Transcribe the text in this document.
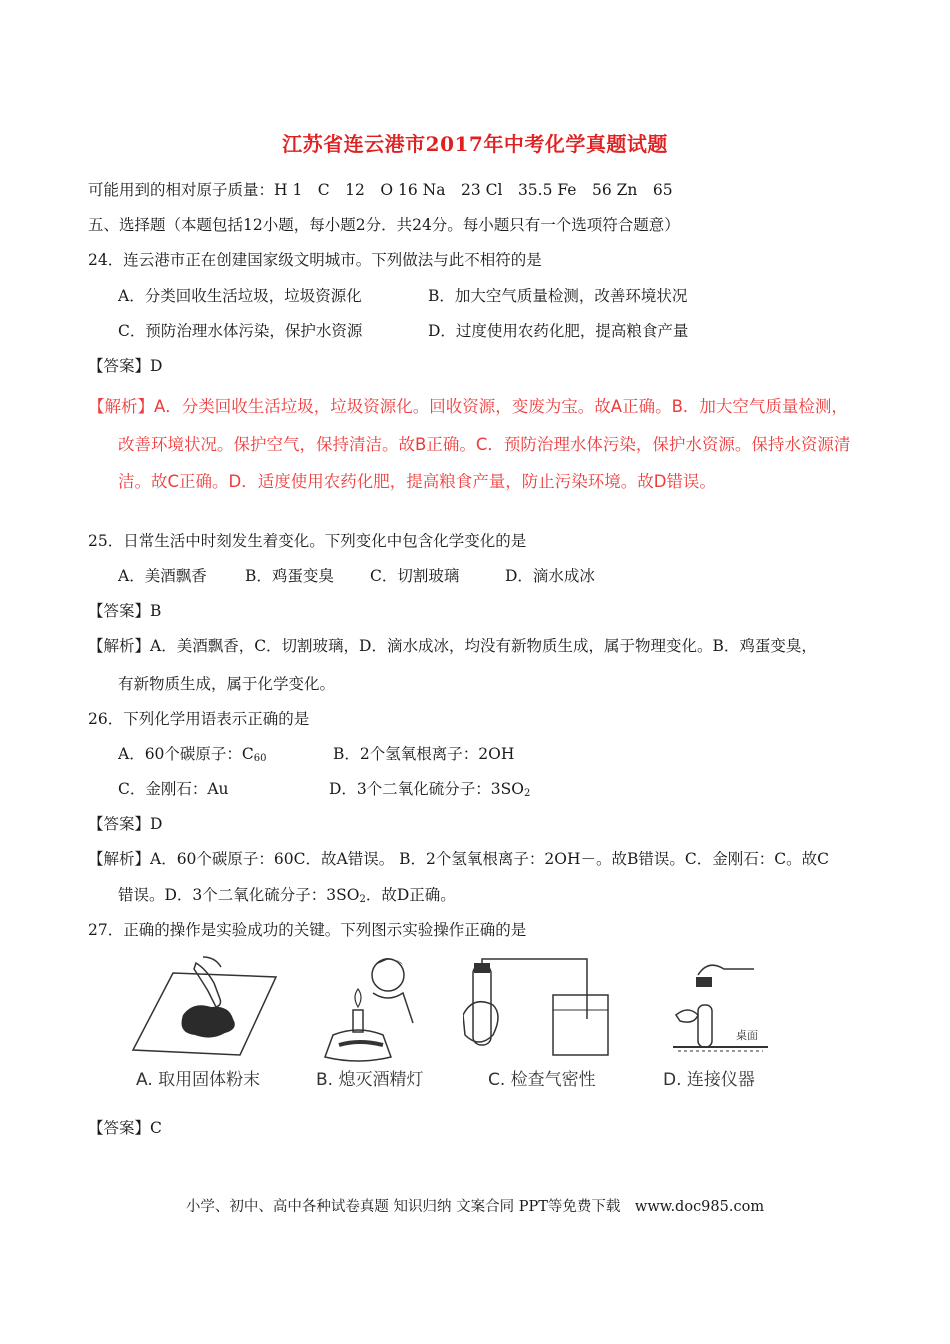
江苏省连云港市2017年中考化学真题试题
可能用到的相对原子质量：H 1　C　12　O 16 Na　23 Cl　35.5 Fe　56 Zn　65
五、选择题（本题包括12小题，每小题2分．共24分。每小题只有一个选项符合题意）
24．连云港市正在创建国家级文明城市。下列做法与此不相符的是
A．分类回收生活垃圾，垃圾资源化	B．加大空气质量检测，改善环境状况
C．预防治理水体污染，保护水资源	D．过度使用农药化肥，提高粮食产量
【答案】D
【解析】A．分类回收生活垃圾，垃圾资源化。回收资源，变废为宝。故A正确。B．加大空气质量检测，
改善环境状况。保护空气，保持清洁。故B正确。C．预防治理水体污染，保护水资源。保持水资源清
洁。故C正确。D．适度使用农药化肥，提高粮食产量，防止污染环境。故D错误。
25．日常生活中时刻发生着变化。下列变化中包含化学变化的是
A．美酒飘香 B．鸡蛋变臭 C．切割玻璃	D．滴水成冰
【答案】B
【解析】A．美酒飘香，C．切割玻璃，D．滴水成冰，均没有新物质生成，属于物理变化。B．鸡蛋变臭，
有新物质生成，属于化学变化。
26．下列化学用语表示正确的是
A．60个碳原子：$C_{60}$	B．2个氢氧根离子：2OH
C．金刚石：Au	D．3个二氧化硫分子：$3SO_2$
【答案】D
【解析】A．60个碳原子：60C．故A错误。 B．2个氢氧根离子：2OH－。故B错误。C．金刚石：C。故C
错误。D．3个二氧化硫分子：$3SO_2$．故D正确。
27．正确的操作是实验成功的关键。下列图示实验操作正确的是
A. 取用固体粉末	B. 熄灭酒精灯	C. 检查气密性
桌面
D. 连接仪器
【答案】C
小学、初中、高中各种试卷真题 知识归纳 文案合同 PPT等免费下载　www.doc985.com
